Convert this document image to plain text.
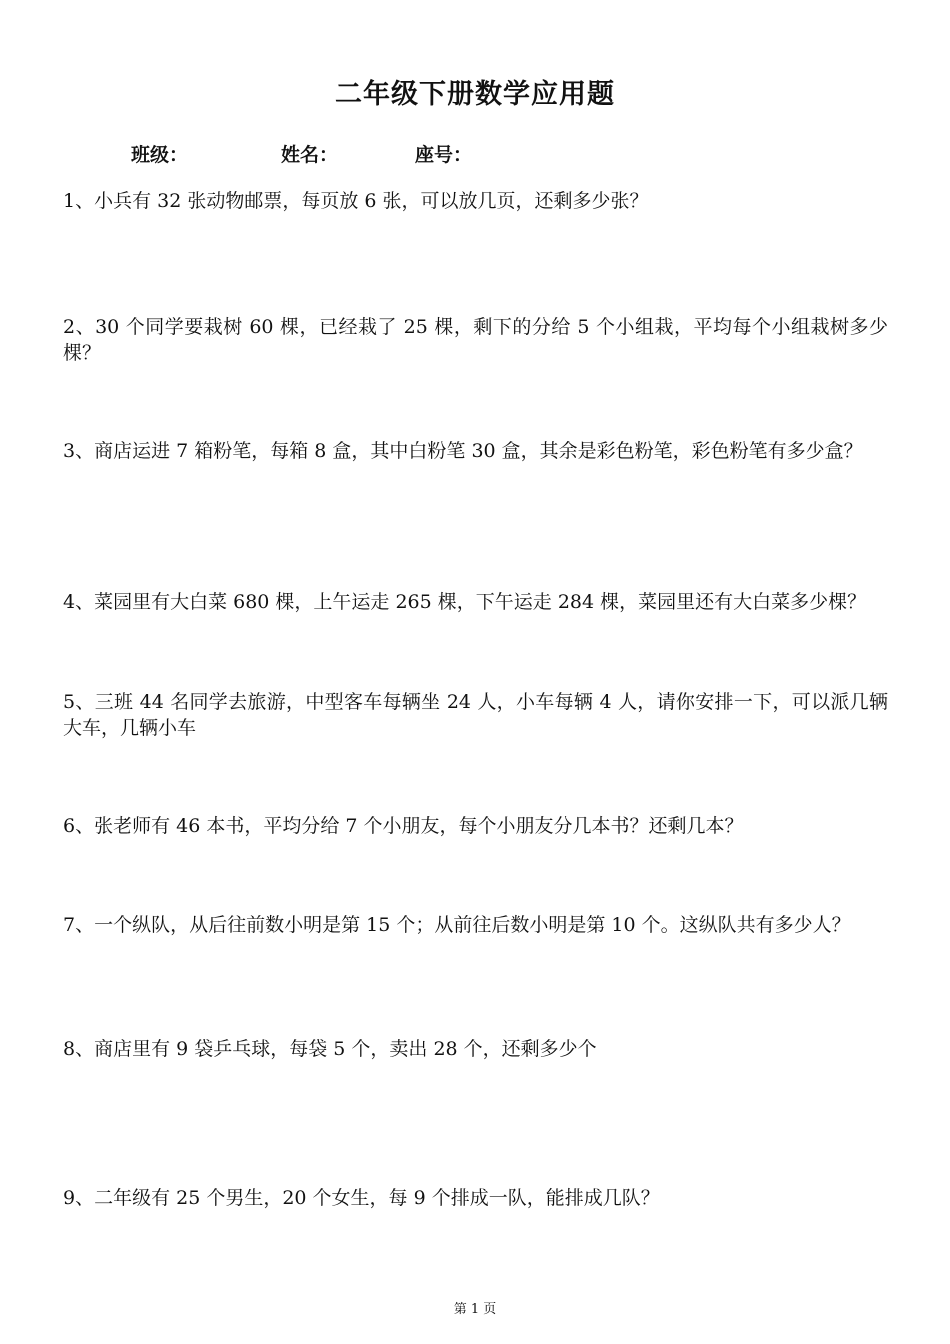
二年级下册数学应用题
班级：	姓名：	座号：
1、小兵有 32 张动物邮票，每页放 6 张，可以放几页，还剩多少张？
2、30 个同学要栽树 60 棵，已经栽了 25 棵，剩下的分给 5 个小组栽，平均每个小组栽树多少棵？
3、商店运进 7 箱粉笔，每箱 8 盒，其中白粉笔 30 盒，其余是彩色粉笔，彩色粉笔有多少盒？
4、菜园里有大白菜 680 棵，上午运走 265 棵，下午运走 284 棵，菜园里还有大白菜多少棵？
5、三班 44 名同学去旅游，中型客车每辆坐 24 人，小车每辆 4 人，请你安排一下，可以派几辆大车，几辆小车
6、张老师有 46 本书，平均分给 7 个小朋友，每个小朋友分几本书？还剩几本？
7、一个纵队，从后往前数小明是第 15 个；从前往后数小明是第 10 个。这纵队共有多少人？
8、商店里有 9 袋乒乓球，每袋 5 个，卖出 28 个，还剩多少个
9、二年级有 25 个男生，20 个女生，每 9 个排成一队，能排成几队？
第 1 页
